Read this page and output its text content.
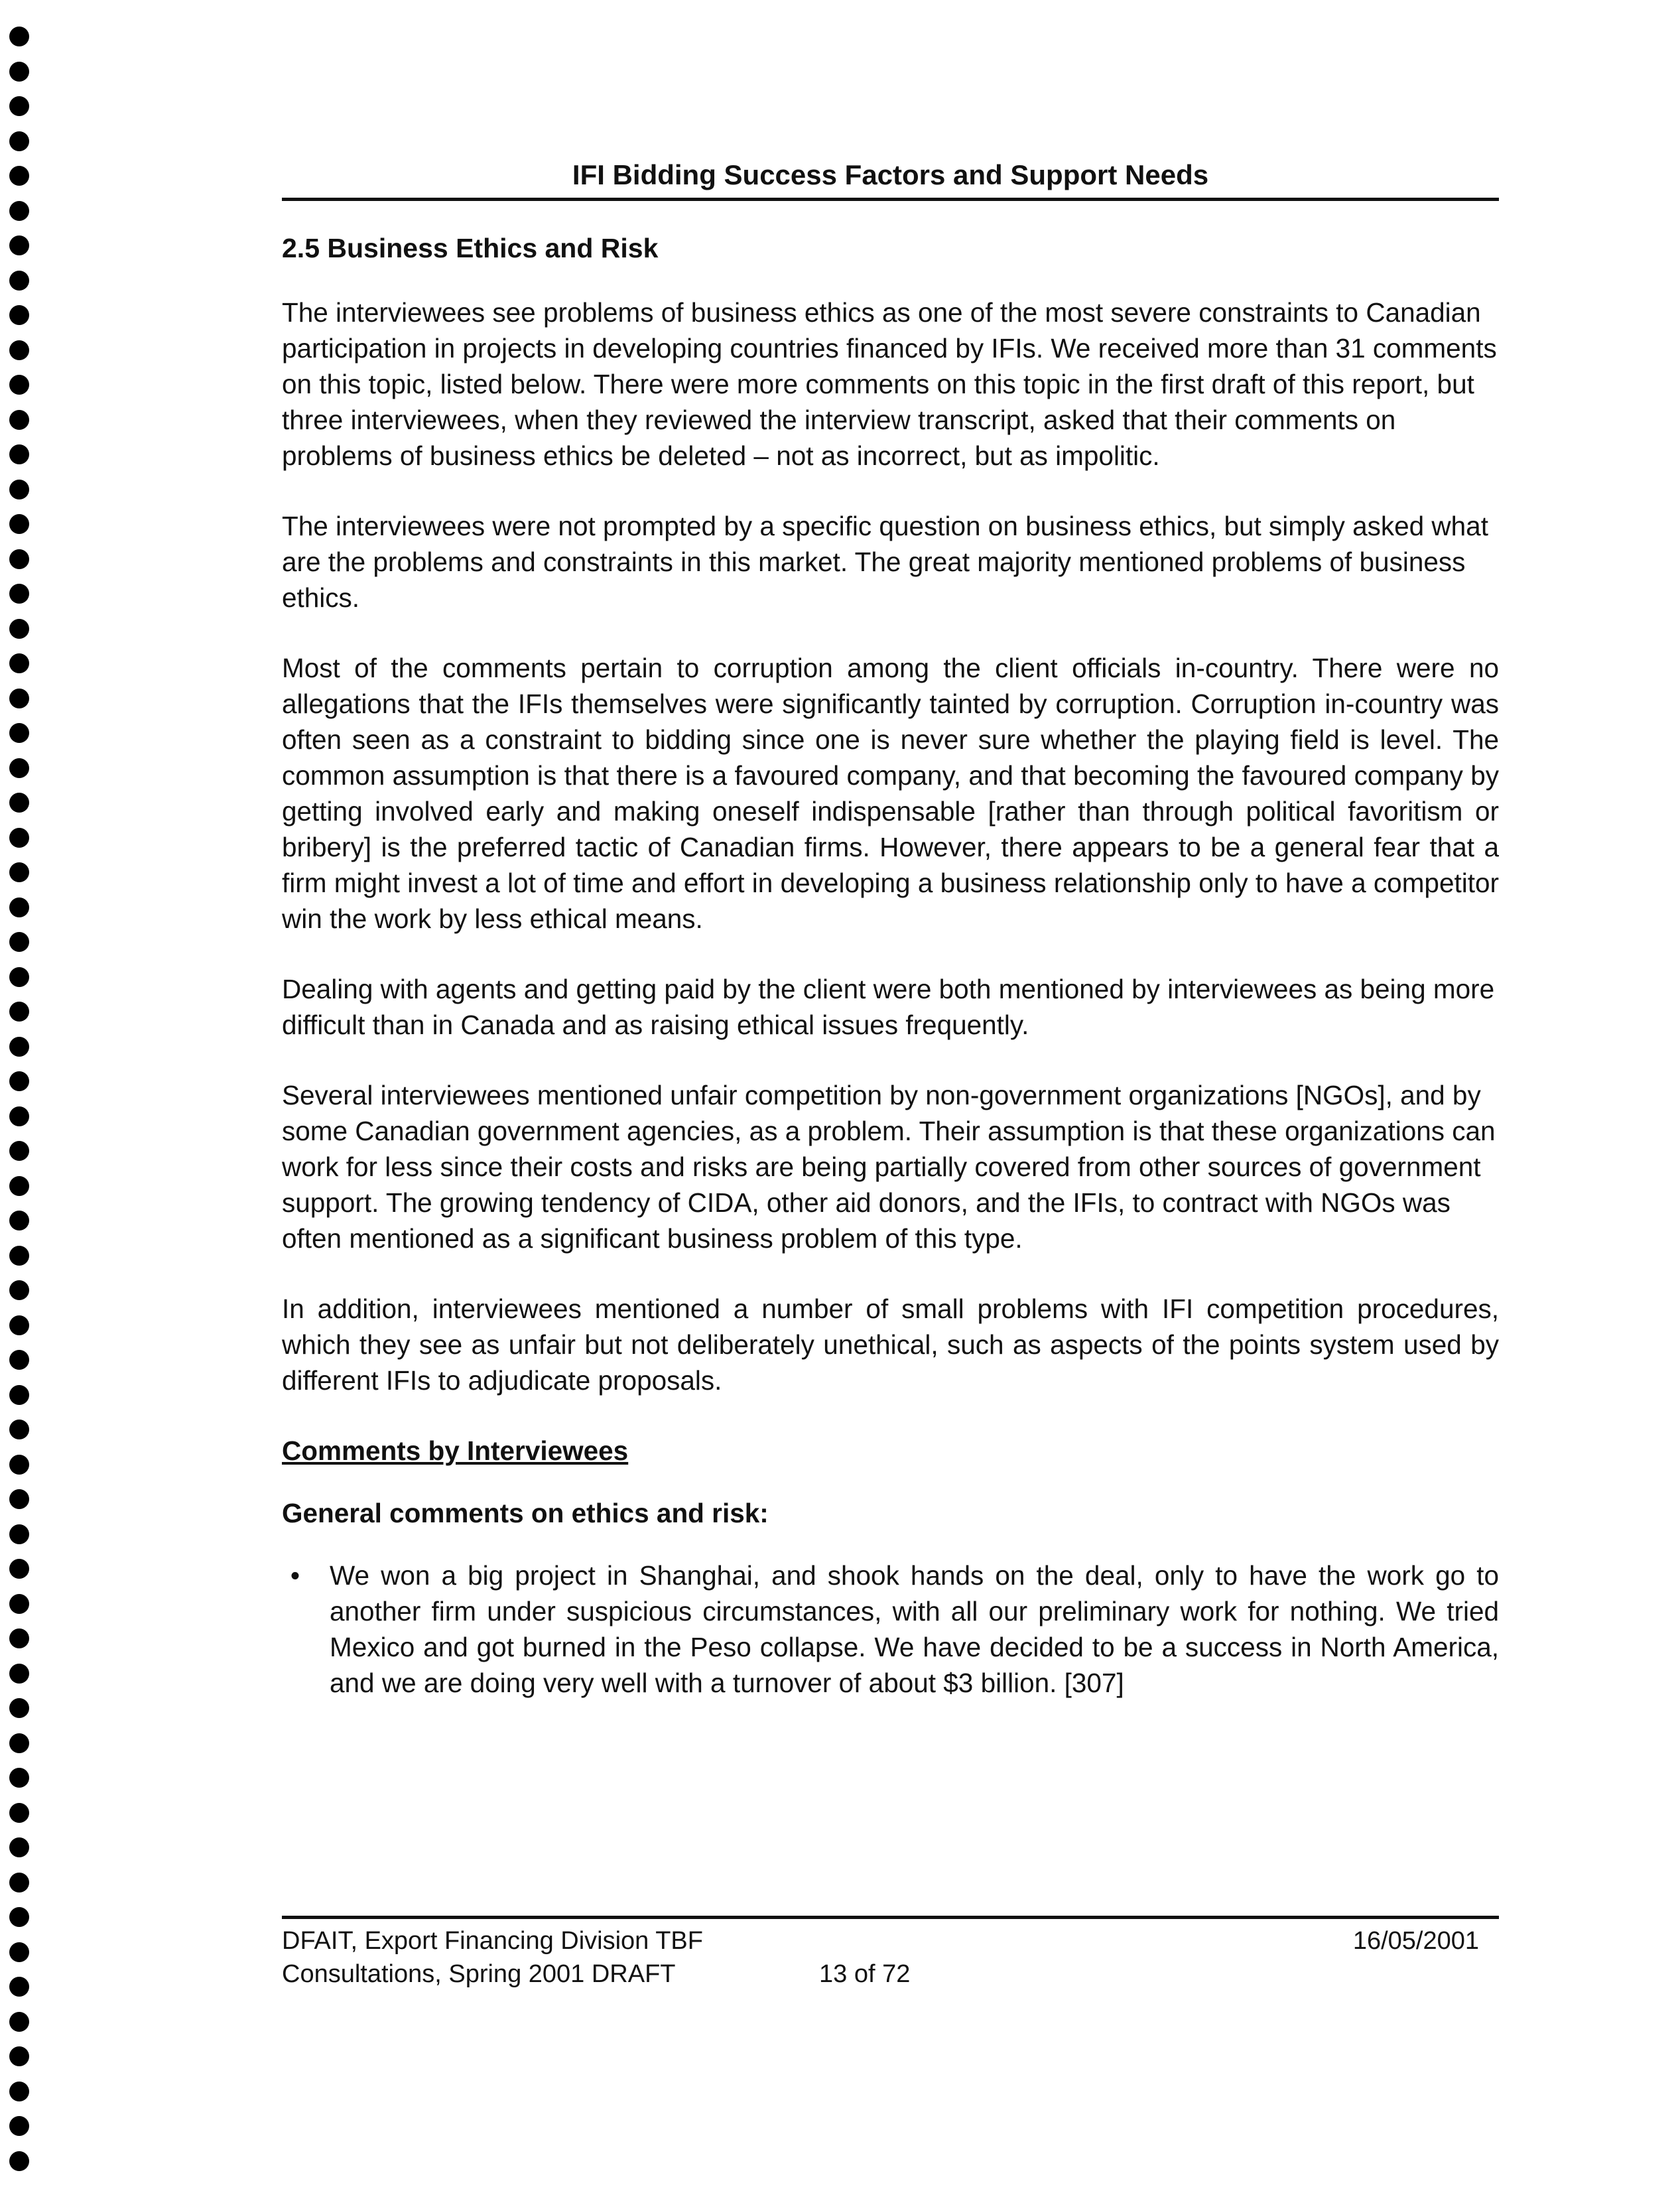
IFI Bidding Success Factors and Support Needs
2.5 Business Ethics and Risk

The interviewees see problems of business ethics as one of the most severe constraints to Canadian participation in projects in developing countries financed by IFIs. We received more than 31 comments on this topic, listed below. There were more comments on this topic in the first draft of this report, but three interviewees, when they reviewed the interview transcript, asked that their comments on problems of business ethics be deleted – not as incorrect, but as impolitic.

The interviewees were not prompted by a specific question on business ethics, but simply asked what are the problems and constraints in this market. The great majority mentioned problems of business ethics.

Most of the comments pertain to corruption among the client officials in-country. There were no allegations that the IFIs themselves were significantly tainted by corruption. Corruption in-country was often seen as a constraint to bidding since one is never sure whether the playing field is level. The common assumption is that there is a favoured company, and that becoming the favoured company by getting involved early and making oneself indispensable [rather than through political favoritism or bribery] is the preferred tactic of Canadian firms. However, there appears to be a general fear that a firm might invest a lot of time and effort in developing a business relationship only to have a competitor win the work by less ethical means.

Dealing with agents and getting paid by the client were both mentioned by interviewees as being more difficult than in Canada and as raising ethical issues frequently.

Several interviewees mentioned unfair competition by non-government organizations [NGOs], and by some Canadian government agencies, as a problem. Their assumption is that these organizations can work for less since their costs and risks are being partially covered from other sources of government support. The growing tendency of CIDA, other aid donors, and the IFIs, to contract with NGOs was often mentioned as a significant business problem of this type.

In addition, interviewees mentioned a number of small problems with IFI competition procedures, which they see as unfair but not deliberately unethical, such as aspects of the points system used by different IFIs to adjudicate proposals.

Comments by Interviewees
General comments on ethics and risk:
•	We won a big project in Shanghai, and shook hands on the deal, only to have the work go to another firm under suspicious circumstances, with all our preliminary work for nothing. We tried Mexico and got burned in the Peso collapse. We have decided to be a success in North America, and we are doing very well with a turnover of about $3 billion. [307]
DFAIT, Export Financing Division TBF
Consultations, Spring 2001 DRAFT	13 of 72
16/05/2001
